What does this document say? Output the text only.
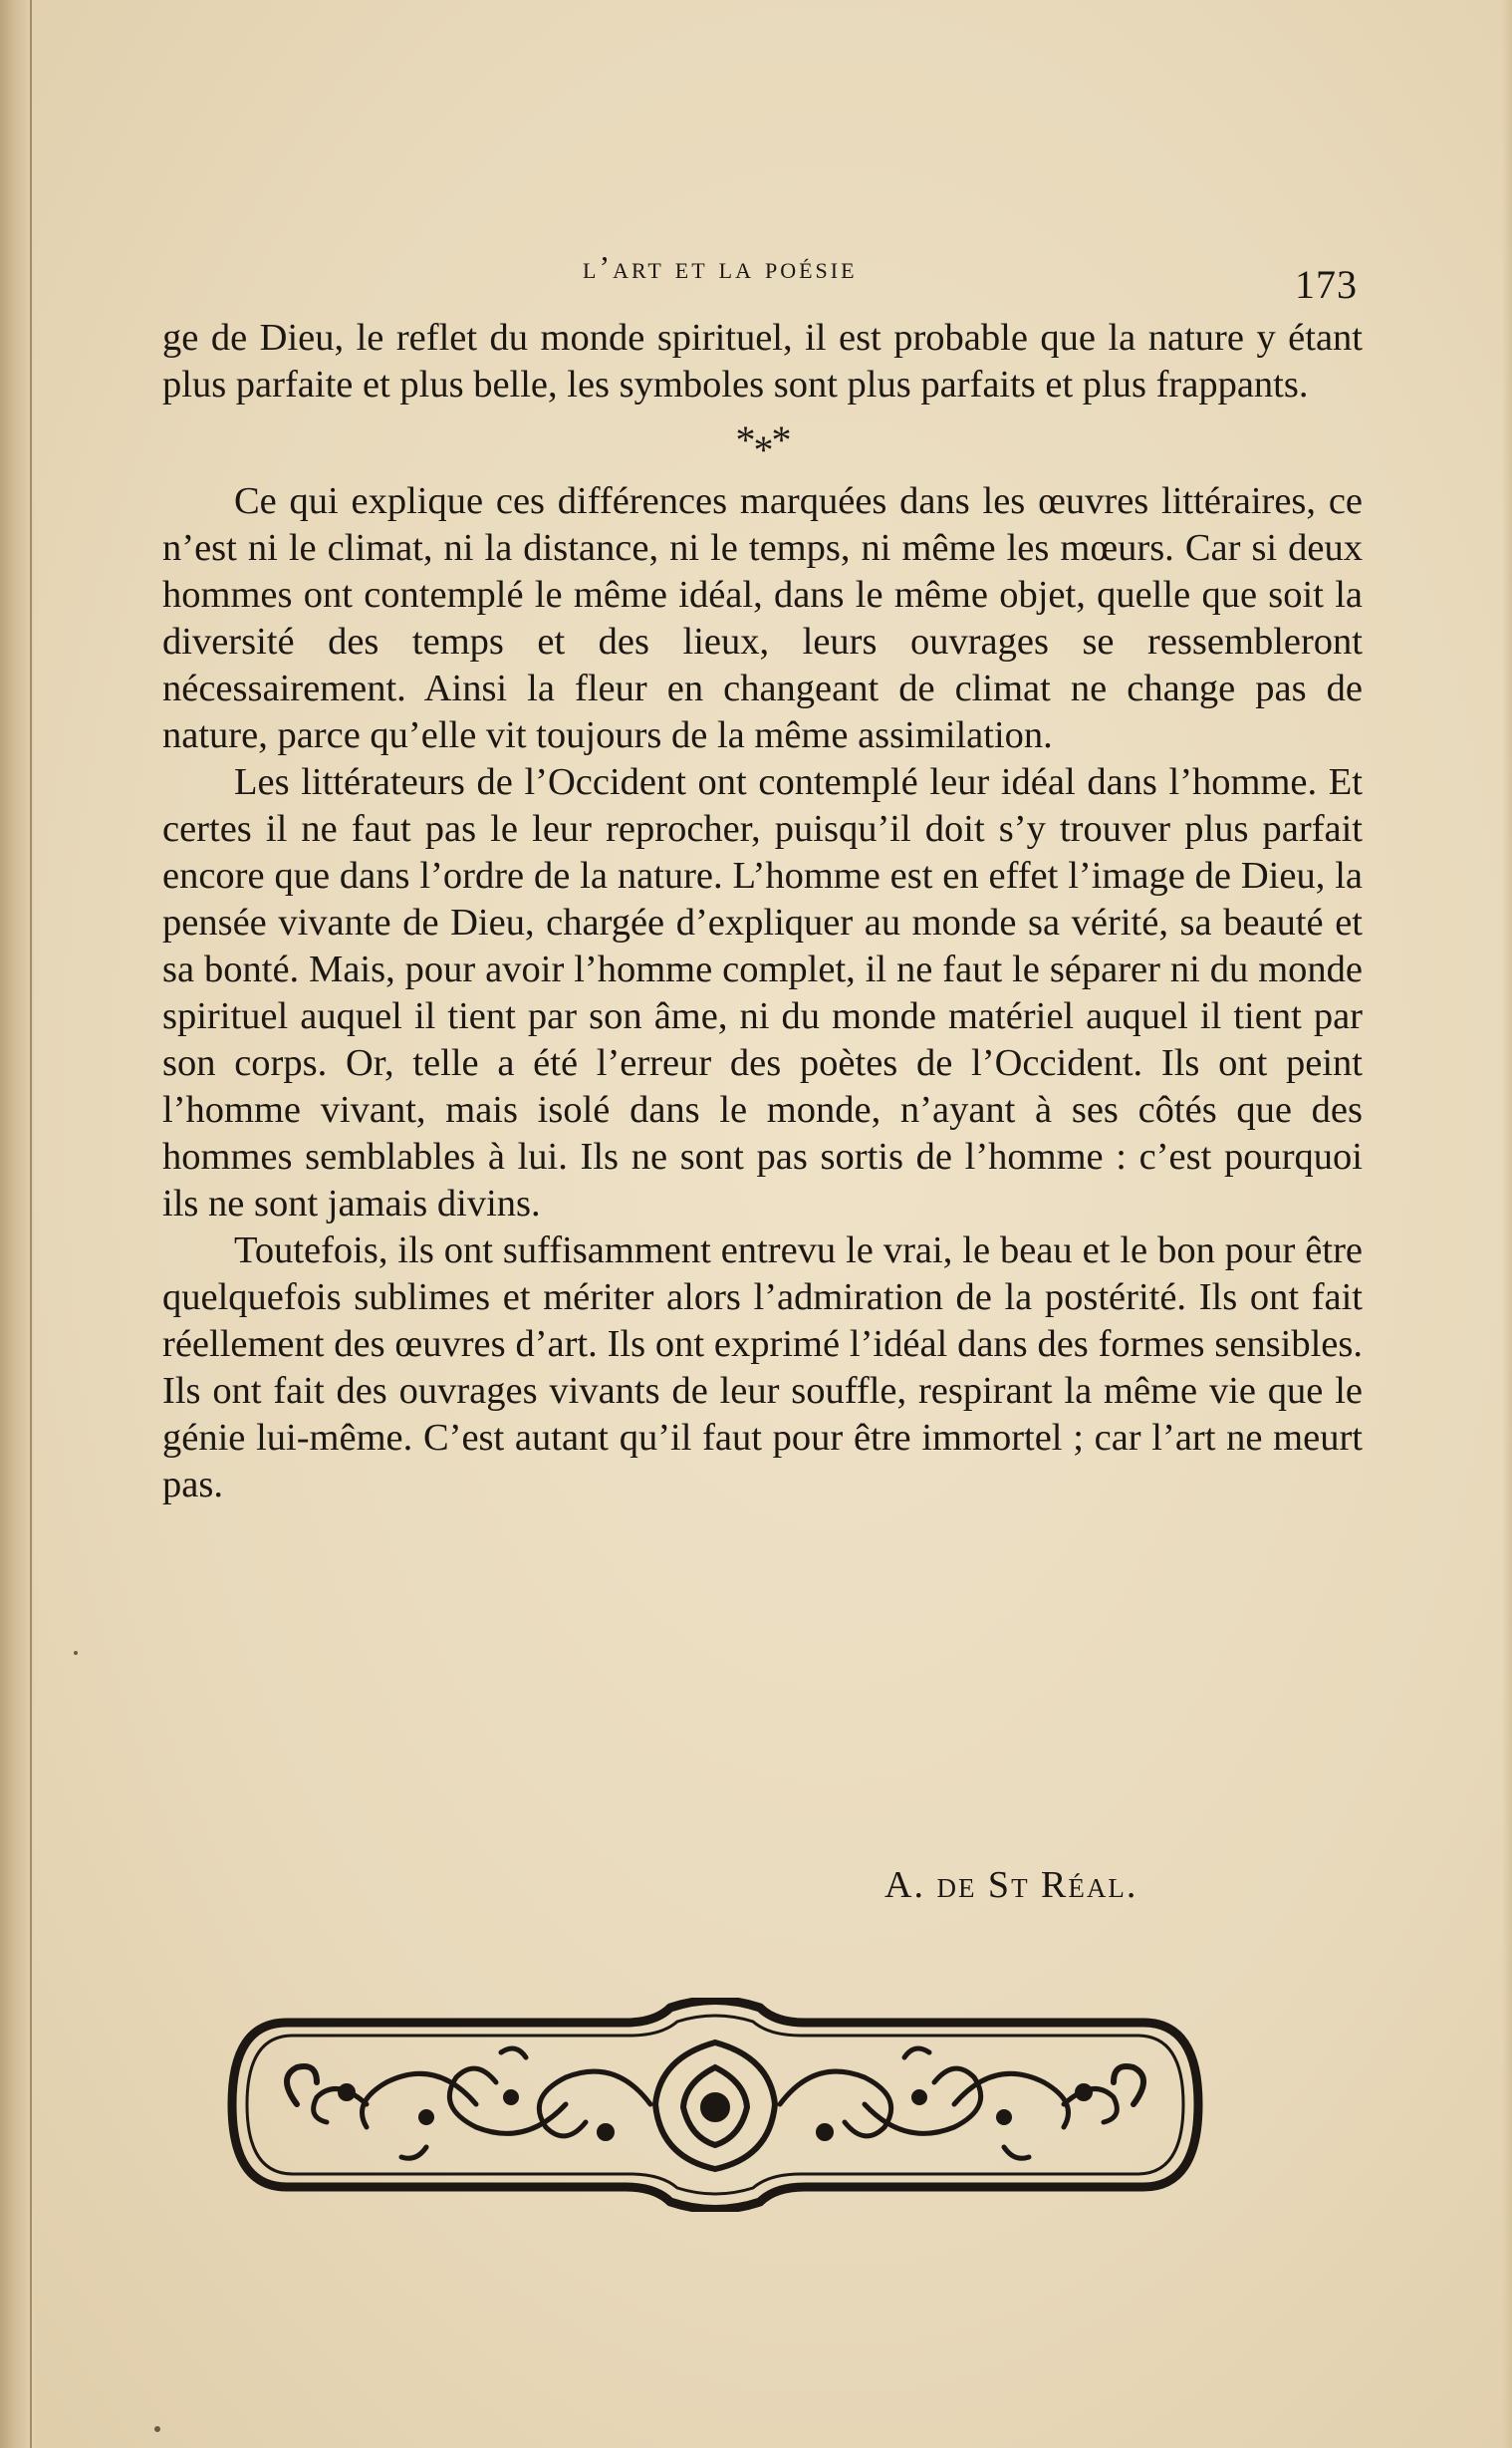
l’art et la poésie	173

ge de Dieu, le reflet du monde spirituel, il est probable que la nature y étant plus parfaite et plus belle, les symboles sont plus parfaits et plus frappants.

***

Ce qui explique ces différences marquées dans les œuvres littéraires, ce n’est ni le climat, ni la distance, ni le temps, ni même les mœurs. Car si deux hommes ont contemplé le même idéal, dans le même objet, quelle que soit la diversité des temps et des lieux, leurs ouvrages se ressembleront nécessairement. Ainsi la fleur en changeant de climat ne change pas de nature, parce qu’elle vit toujours de la même assimilation.

Les littérateurs de l’Occident ont contemplé leur idéal dans l’homme. Et certes il ne faut pas le leur reprocher, puisqu’il doit s’y trouver plus parfait encore que dans l’ordre de la nature. L’homme est en effet l’image de Dieu, la pensée vivante de Dieu, chargée d’expliquer au monde sa vérité, sa beauté et sa bonté. Mais, pour avoir l’homme complet, il ne faut le séparer ni du monde spirituel auquel il tient par son âme, ni du monde matériel auquel il tient par son corps. Or, telle a été l’erreur des poètes de l’Occident. Ils ont peint l’homme vivant, mais isolé dans le monde, n’ayant à ses côtés que des hommes semblables à lui. Ils ne sont pas sortis de l’homme : c’est pourquoi ils ne sont jamais divins.

Toutefois, ils ont suffisamment entrevu le vrai, le beau et le bon pour être quelquefois sublimes et mériter alors l’admiration de la postérité. Ils ont fait réellement des œuvres d’art. Ils ont exprimé l’idéal dans des formes sensibles. Ils ont fait des ouvrages vivants de leur souffle, respirant la même vie que le génie lui-même. C’est autant qu’il faut pour être immortel ; car l’art ne meurt pas.

A. de St Réal.
